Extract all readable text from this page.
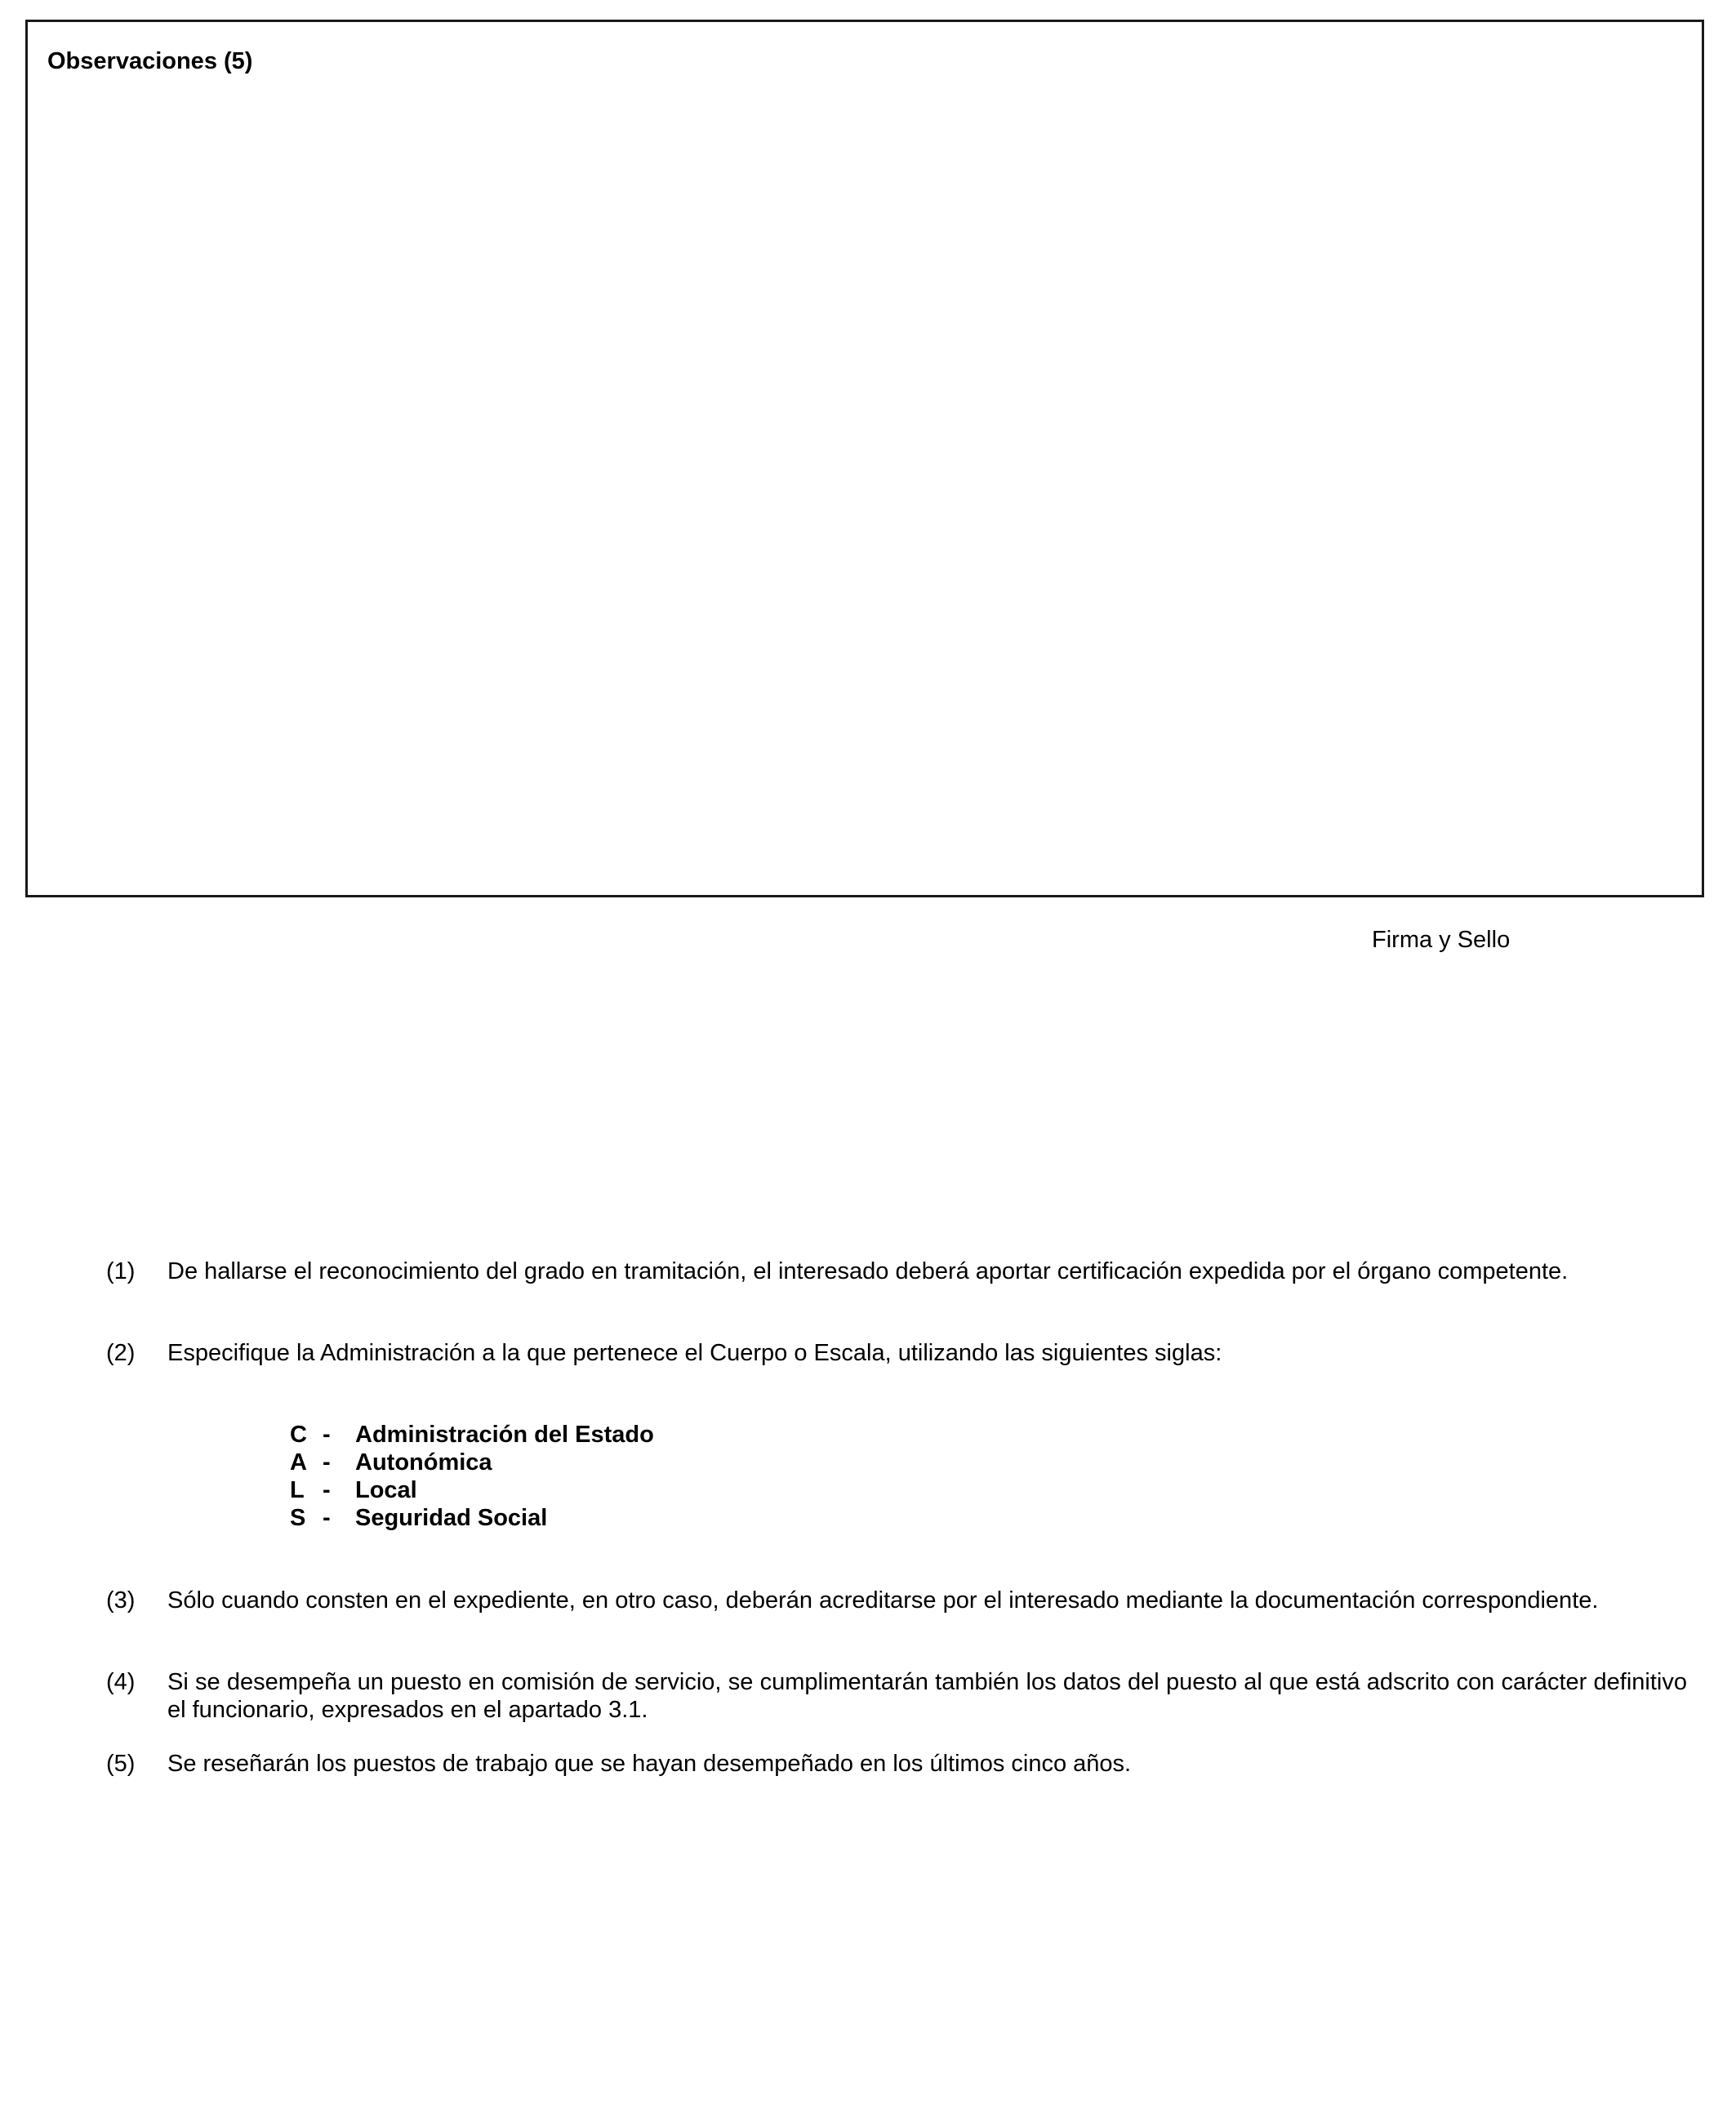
Observaciones (5)
Firma y Sello
(1)	De hallarse el reconocimiento del grado en tramitación, el interesado deberá aportar certificación expedida por el órgano competente.
(2)	Especifique la Administración a la que pertenece el Cuerpo o Escala, utilizando las siguientes siglas:
C - Administración del Estado
A - Autonómica
L - Local
S - Seguridad Social
(3)	Sólo cuando consten en el expediente, en otro caso, deberán acreditarse por el interesado mediante la documentación correspondiente.
(4)	Si se desempeña un puesto en comisión de servicio, se cumplimentarán también los datos del puesto al que está adscrito con carácter definitivo el funcionario, expresados en el apartado 3.1.
(5)	Se reseñarán los puestos de trabajo que se hayan desempeñado en los últimos cinco años.
